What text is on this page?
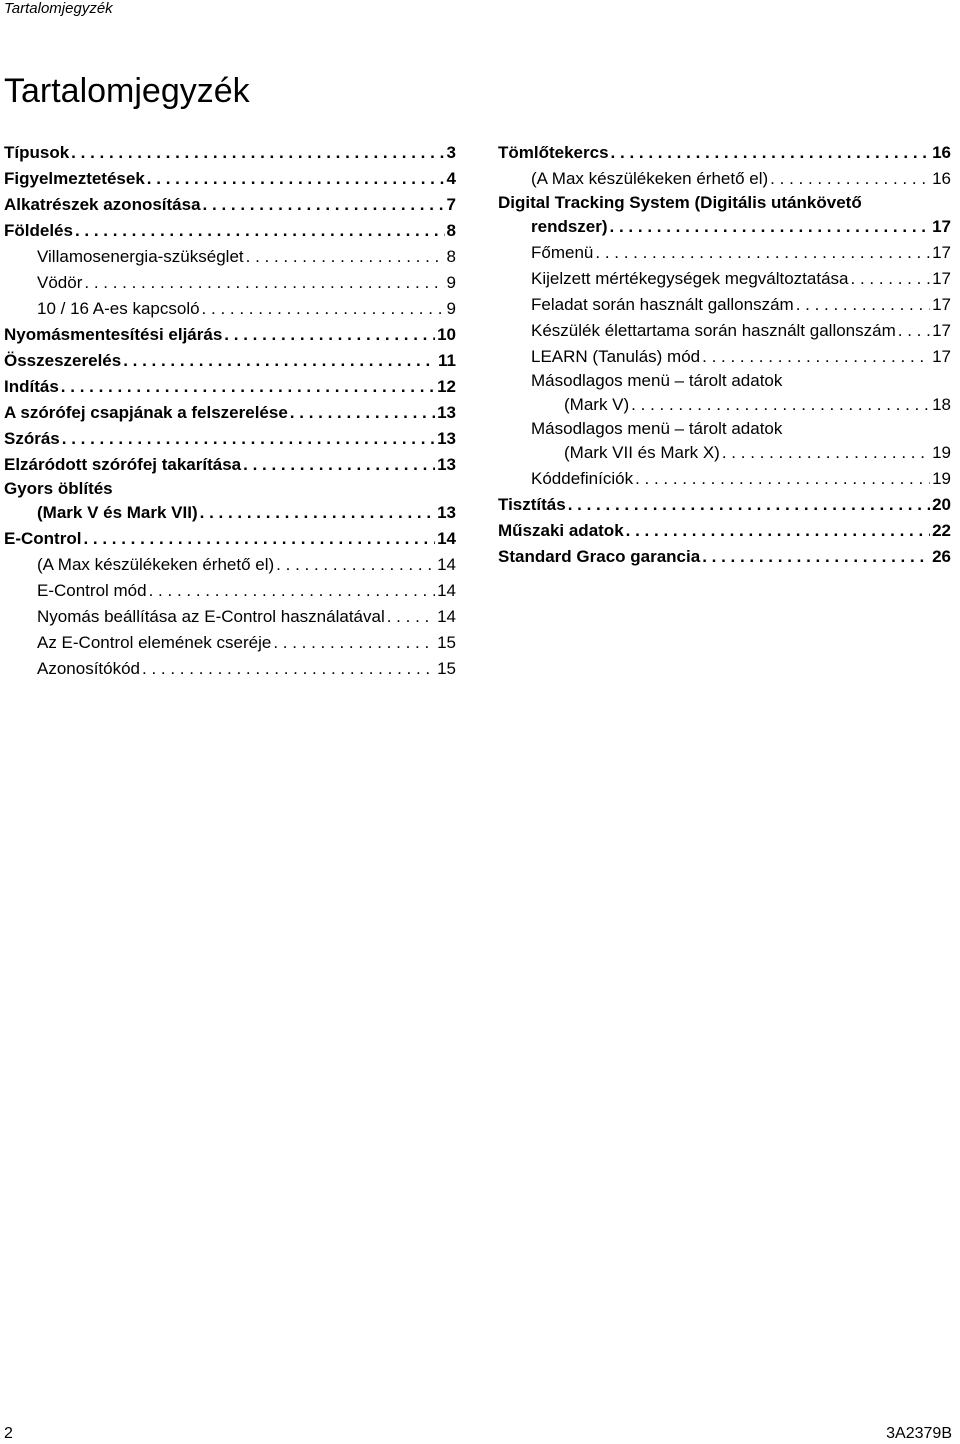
Tartalomjegyzék
Tartalomjegyzék
Típusok . . .	3
Figyelmeztetések . . .	4
Alkatrészek azonosítása . . .	7
Földelés . . .	8
Villamosenergia-szükséglet . . .	8
Vödör . . .	9
10 / 16 A-es kapcsoló . . .	9
Nyomásmentesítési eljárás . . .	10
Összeszerelés . . .	11
Indítás . . .	12
A szórófej csapjának a felszerelése . . .	13
Szórás . . .	13
Elzáródott szórófej takarítása . . .	13
Gyors öblítés
(Mark V és Mark VII) . . .	13
E-Control . . .	14
(A Max készülékeken érhető el) . . .	14
E-Control mód . . .	14
Nyomás beállítása az E-Control használatával . . .	14
Az E-Control elemének cseréje . . .	15
Azonosítókód . . .	15
Tömlőtekercs . . .	16
(A Max készülékeken érhető el) . . .	16
Digital Tracking System (Digitális utánkövető
rendszer) . . .	17
Főmenü . . .	17
Kijelzett mértékegységek megváltoztatása . . .	17
Feladat során használt gallonszám . . .	17
Készülék élettartama során használt gallonszám . . . 17
LEARN (Tanulás) mód . . .	17
Másodlagos menü – tárolt adatok
(Mark V) . . .	18
Másodlagos menü – tárolt adatok
(Mark VII és Mark X) . . .	19
Kóddefiníciók . . .	19
Tisztítás . . .	20
Műszaki adatok . . .	22
Standard Graco garancia . . .	26
2	3A2379B
